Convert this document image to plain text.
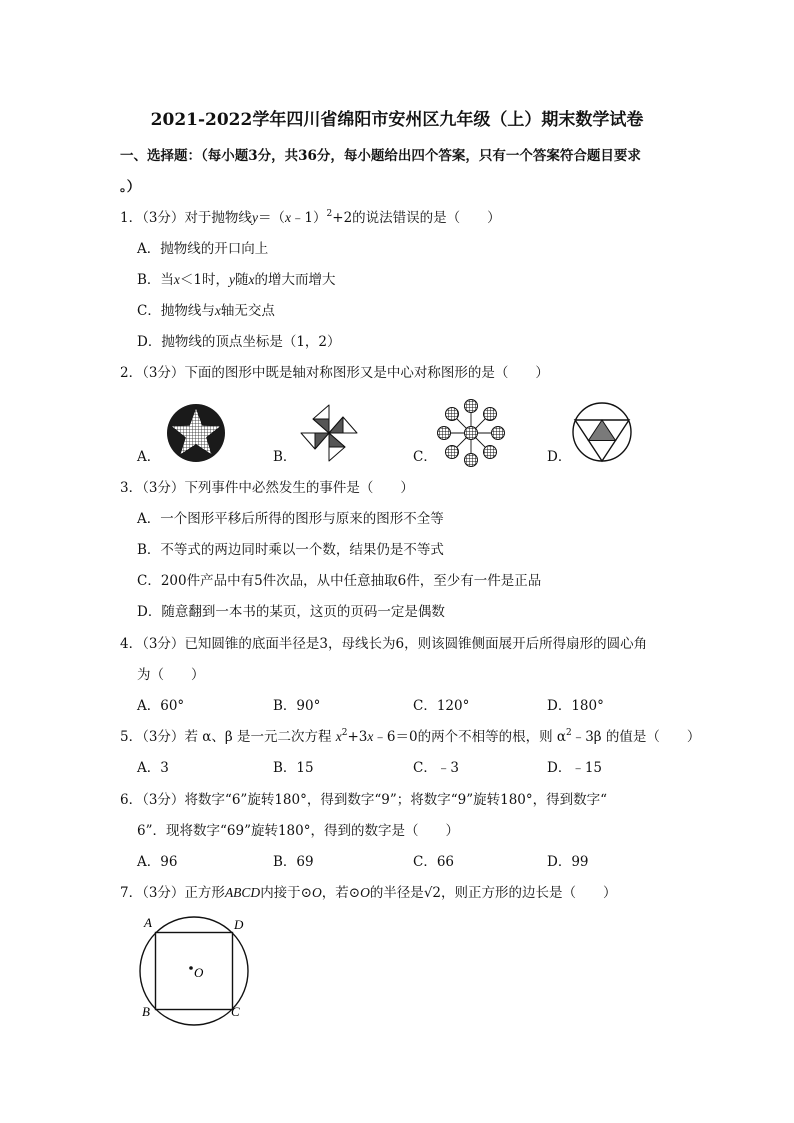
2021-2022学年四川省绵阳市安州区九年级（上）期末数学试卷
一、选择题：（每小题3分，共36分，每小题给出四个答案，只有一个答案符合题目要求
。）
1．（3分）对于抛物线y＝（x﹣1）$^2$+2的说法错误的是（　　）
A．抛物线的开口向上
B．当x＜1时，y随x的增大而增大
C．抛物线与x轴无交点
D．抛物线的顶点坐标是（1，2）
2．（3分）下面的图形中既是轴对称图形又是中心对称图形的是（　　）
A．	B．	C．	D．
3．（3分）下列事件中必然发生的事件是（　　）
A．一个图形平移后所得的图形与原来的图形不全等
B．不等式的两边同时乘以一个数，结果仍是不等式
C．200件产品中有5件次品，从中任意抽取6件，至少有一件是正品
D．随意翻到一本书的某页，这页的页码一定是偶数
4．（3分）已知圆锥的底面半径是3，母线长为6，则该圆锥侧面展开后所得扇形的圆心角
为（　　）
A．60°	B．90°	C．120°	D．180°
5．（3分）若 α、β 是一元二次方程 $x^2+3x﹣6=0$的两个不相等的根，则 $\alpha^2﹣3\beta$ 的值是（　　）
A．3	B．15	C．﹣3	D．﹣15
6．（3分）将数字“6”旋转180°，得到数字“9”；将数字“9”旋转180°，得到数字“
6”．现将数字“69”旋转180°，得到的数字是（　　）
A．96	B．69	C．66	D．99
7．（3分）正方形ABCD内接于⊙O，若⊙O的半径是√2，则正方形的边长是（　　）
A	D
O
B	C
